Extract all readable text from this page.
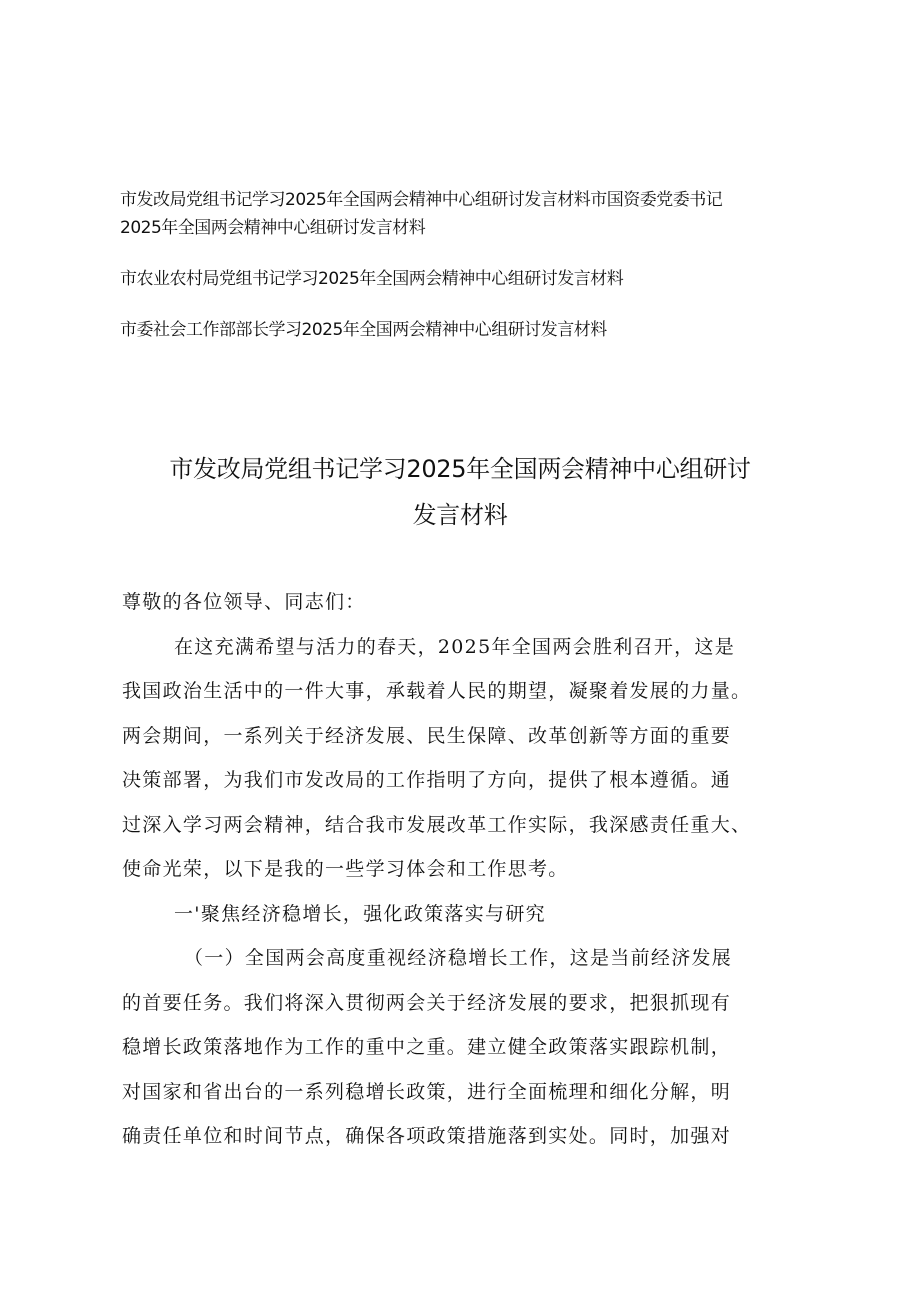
市发改局党组书记学习2025年全国两会精神中心组研讨发言材料市国资委党委书记
2025年全国两会精神中心组研讨发言材料
市农业农村局党组书记学习2025年全国两会精神中心组研讨发言材料
市委社会工作部部长学习2025年全国两会精神中心组研讨发言材料
市发改局党组书记学习2025年全国两会精神中心组研讨
发言材料
尊敬的各位领导、同志们：
在这充满希望与活力的春天，2025年全国两会胜利召开，这是
我国政治生活中的一件大事，承载着人民的期望，凝聚着发展的力量。
两会期间，一系列关于经济发展、民生保障、改革创新等方面的重要
决策部署，为我们市发改局的工作指明了方向，提供了根本遵循。通
过深入学习两会精神，结合我市发展改革工作实际，我深感责任重大、
使命光荣，以下是我的一些学习体会和工作思考。
一'聚焦经济稳增长，强化政策落实与研究
（一）全国两会高度重视经济稳增长工作，这是当前经济发展
的首要任务。我们将深入贯彻两会关于经济发展的要求，把狠抓现有
稳增长政策落地作为工作的重中之重。建立健全政策落实跟踪机制，
对国家和省出台的一系列稳增长政策，进行全面梳理和细化分解，明
确责任单位和时间节点，确保各项政策措施落到实处。同时，加强对
